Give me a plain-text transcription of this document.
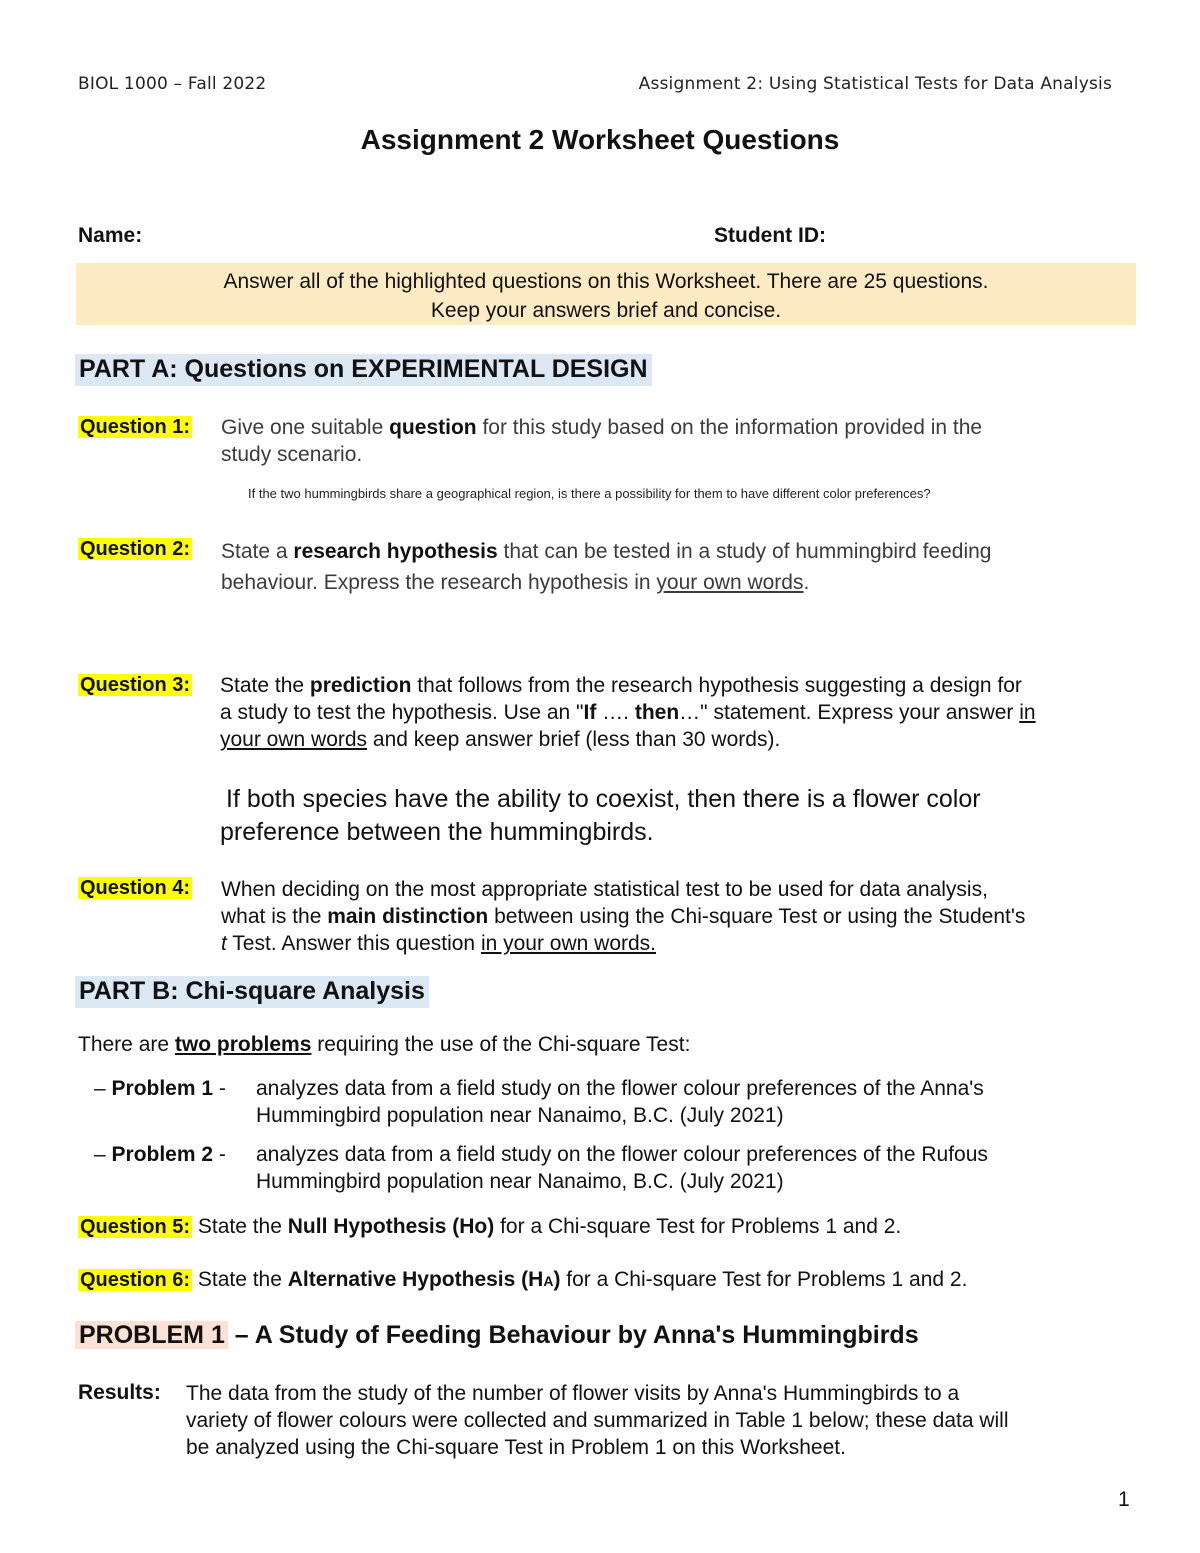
BIOL 1000 – Fall 2022	Assignment 2: Using Statistical Tests for Data Analysis
Assignment 2 Worksheet Questions
Name:	Student ID:
Answer all of the highlighted questions on this Worksheet. There are 25 questions.
Keep your answers brief and concise.
PART A: Questions on EXPERIMENTAL DESIGN
Question 1: Give one suitable question for this study based on the information provided in the
study scenario.
If the two hummingbirds share a geographical region, is there a possibility for them to have different color preferences?
Question 2: State a research hypothesis that can be tested in a study of hummingbird feeding
behaviour. Express the research hypothesis in your own words.
Question 3: State the prediction that follows from the research hypothesis suggesting a design for
a study to test the hypothesis. Use an "If …. then…" statement. Express your answer in
your own words and keep answer brief (less than 30 words).
If both species have the ability to coexist, then there is a flower color
preference between the hummingbirds.
Question 4: When deciding on the most appropriate statistical test to be used for data analysis,
what is the main distinction between using the Chi-square Test or using the Student's
t Test. Answer this question in your own words.
PART B: Chi-square Analysis
There are two problems requiring the use of the Chi-square Test:
– Problem 1 - analyzes data from a field study on the flower colour preferences of the Anna's
Hummingbird population near Nanaimo, B.C. (July 2021)
– Problem 2 - analyzes data from a field study on the flower colour preferences of the Rufous
Hummingbird population near Nanaimo, B.C. (July 2021)
Question 5: State the Null Hypothesis (Ho) for a Chi-square Test for Problems 1 and 2.
Question 6: State the Alternative Hypothesis (HA) for a Chi-square Test for Problems 1 and 2.
PROBLEM 1 – A Study of Feeding Behaviour by Anna's Hummingbirds
Results: The data from the study of the number of flower visits by Anna's Hummingbirds to a
variety of flower colours were collected and summarized in Table 1 below; these data will
be analyzed using the Chi-square Test in Problem 1 on this Worksheet.
1
